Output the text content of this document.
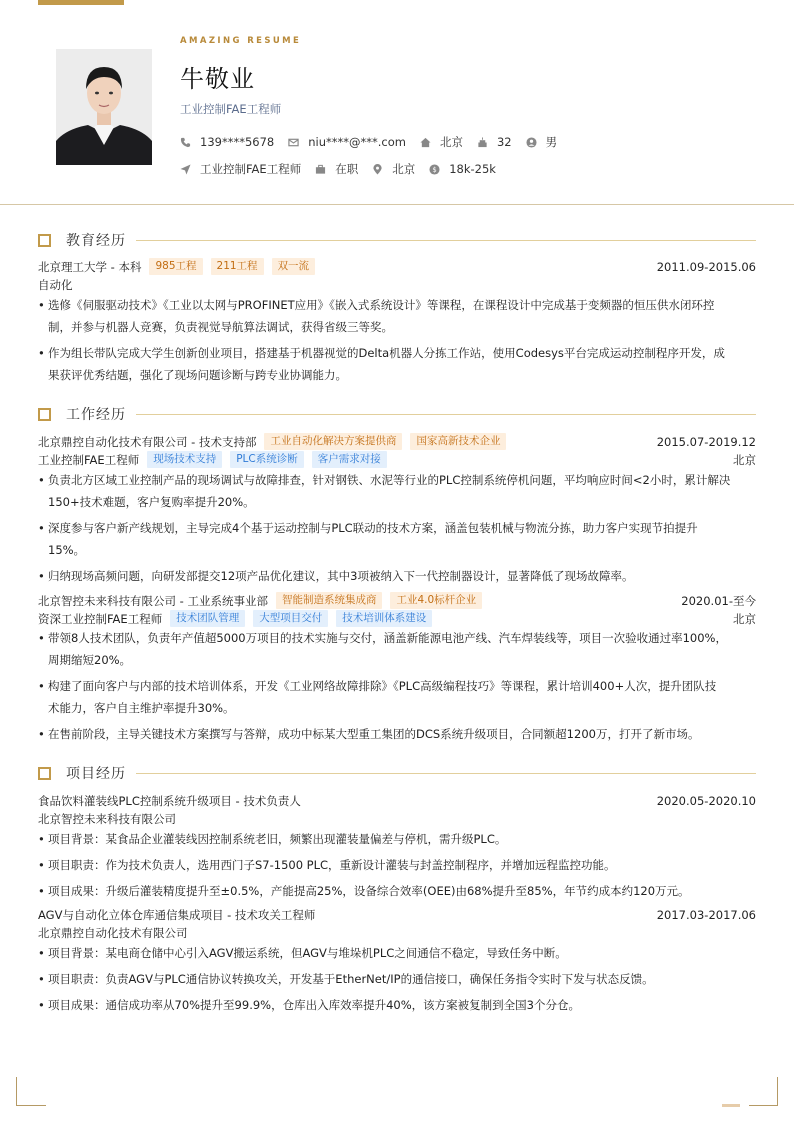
AMAZING RESUME
牛敬业
工业控制FAE工程师
139****5678	niu****@***.com	北京	32	男
工业控制FAE工程师	在职	北京 $ 18k-25k
教育经历
北京理工大学 - 本科	985工程	211工程	双一流	2011.09-2015.06
自动化
• 选修《伺服驱动技术》《工业以太网与PROFINET应用》《嵌入式系统设计》等课程，在课程设计中完成基于变频器的恒压供水闭环控
制，并参与机器人竞赛，负责视觉导航算法调试，获得省级三等奖。
• 作为组长带队完成大学生创新创业项目，搭建基于机器视觉的Delta机器人分拣工作站，使用Codesys平台完成运动控制程序开发，成
果获评优秀结题，强化了现场问题诊断与跨专业协调能力。
工作经历
北京鼎控自动化技术有限公司 - 技术支持部	工业自动化解决方案提供商	国家高新技术企业	2015.07-2019.12
工业控制FAE工程师	现场技术支持	PLC系统诊断	客户需求对接	北京
• 负责北方区域工业控制产品的现场调试与故障排查，针对钢铁、水泥等行业的PLC控制系统停机问题，平均响应时间<2小时，累计解决
150+技术难题，客户复购率提升20%。
• 深度参与客户新产线规划，主导完成4个基于运动控制与PLC联动的技术方案，涵盖包装机械与物流分拣，助力客户实现节拍提升
15%。
• 归纳现场高频问题，向研发部提交12项产品优化建议，其中3项被纳入下一代控制器设计，显著降低了现场故障率。
北京智控未来科技有限公司 - 工业系统事业部	智能制造系统集成商	工业4.0标杆企业	2020.01-至今
资深工业控制FAE工程师	技术团队管理	大型项目交付	技术培训体系建设	北京
• 带领8人技术团队，负责年产值超5000万项目的技术实施与交付，涵盖新能源电池产线、汽车焊装线等，项目一次验收通过率100%，
周期缩短20%。
• 构建了面向客户与内部的技术培训体系，开发《工业网络故障排除》《PLC高级编程技巧》等课程，累计培训400+人次，提升团队技
术能力，客户自主维护率提升30%。
• 在售前阶段，主导关键技术方案撰写与答辩，成功中标某大型重工集团的DCS系统升级项目，合同额超1200万，打开了新市场。
项目经历
食品饮料灌装线PLC控制系统升级项目 - 技术负责人	2020.05-2020.10
北京智控未来科技有限公司
• 项目背景：某食品企业灌装线因控制系统老旧，频繁出现灌装量偏差与停机，需升级PLC。
• 项目职责：作为技术负责人，选用西门子S7-1500 PLC，重新设计灌装与封盖控制程序，并增加远程监控功能。
• 项目成果：升级后灌装精度提升至±0.5%，产能提高25%，设备综合效率(OEE)由68%提升至85%，年节约成本约120万元。
AGV与自动化立体仓库通信集成项目 - 技术攻关工程师	2017.03-2017.06
北京鼎控自动化技术有限公司
• 项目背景：某电商仓储中心引入AGV搬运系统，但AGV与堆垛机PLC之间通信不稳定，导致任务中断。
• 项目职责：负责AGV与PLC通信协议转换攻关，开发基于EtherNet/IP的通信接口，确保任务指令实时下发与状态反馈。
• 项目成果：通信成功率从70%提升至99.9%，仓库出入库效率提升40%，该方案被复制到全国3个分仓。
